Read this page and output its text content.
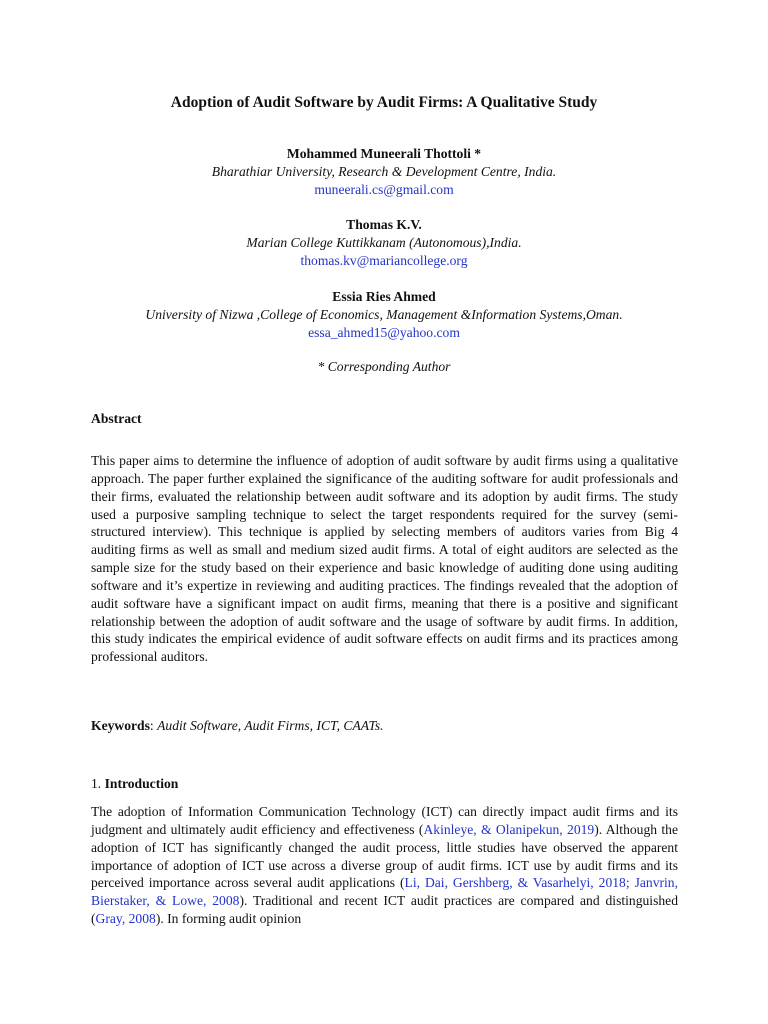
Adoption of Audit Software by Audit Firms: A Qualitative Study
Mohammed Muneerali Thottoli *
Bharathiar University, Research & Development Centre, India.
muneerali.cs@gmail.com
Thomas K.V.
Marian College Kuttikkanam (Autonomous),India.
thomas.kv@mariancollege.org
Essia Ries Ahmed
University of Nizwa ,College of Economics, Management &Information Systems,Oman.
essa_ahmed15@yahoo.com
* Corresponding Author
Abstract

This paper aims to determine the influence of adoption of audit software by audit firms using a qualitative approach. The paper further explained the significance of the auditing software for audit professionals and their firms, evaluated the relationship between audit software and its adoption by audit firms. The study used a purposive sampling technique to select the target respondents required for the survey (semi-structured interview). This technique is applied by selecting members of auditors varies from Big 4 auditing firms as well as small and medium sized audit firms. A total of eight auditors are selected as the sample size for the study based on their experience and basic knowledge of auditing done using auditing software and it’s expertize in reviewing and auditing practices. The findings revealed that the adoption of audit software have a significant impact on audit firms, meaning that there is a positive and significant relationship between the adoption of audit software and the usage of software by audit firms. In addition, this study indicates the empirical evidence of audit software effects on audit firms and its practices among professional auditors.

Keywords: Audit Software, Audit Firms, ICT, CAATs.
1. Introduction

The adoption of Information Communication Technology (ICT) can directly impact audit firms and its judgment and ultimately audit efficiency and effectiveness (Akinleye, & Olanipekun, 2019). Although the adoption of ICT has significantly changed the audit process, little studies have observed the apparent importance of adoption of ICT use across a diverse group of audit firms. ICT use by audit firms and its perceived importance across several audit applications (Li, Dai, Gershberg, & Vasarhelyi, 2018; Janvrin, Bierstaker, & Lowe, 2008). Traditional and recent ICT audit practices are compared and distinguished (Gray, 2008). In forming audit opinion
